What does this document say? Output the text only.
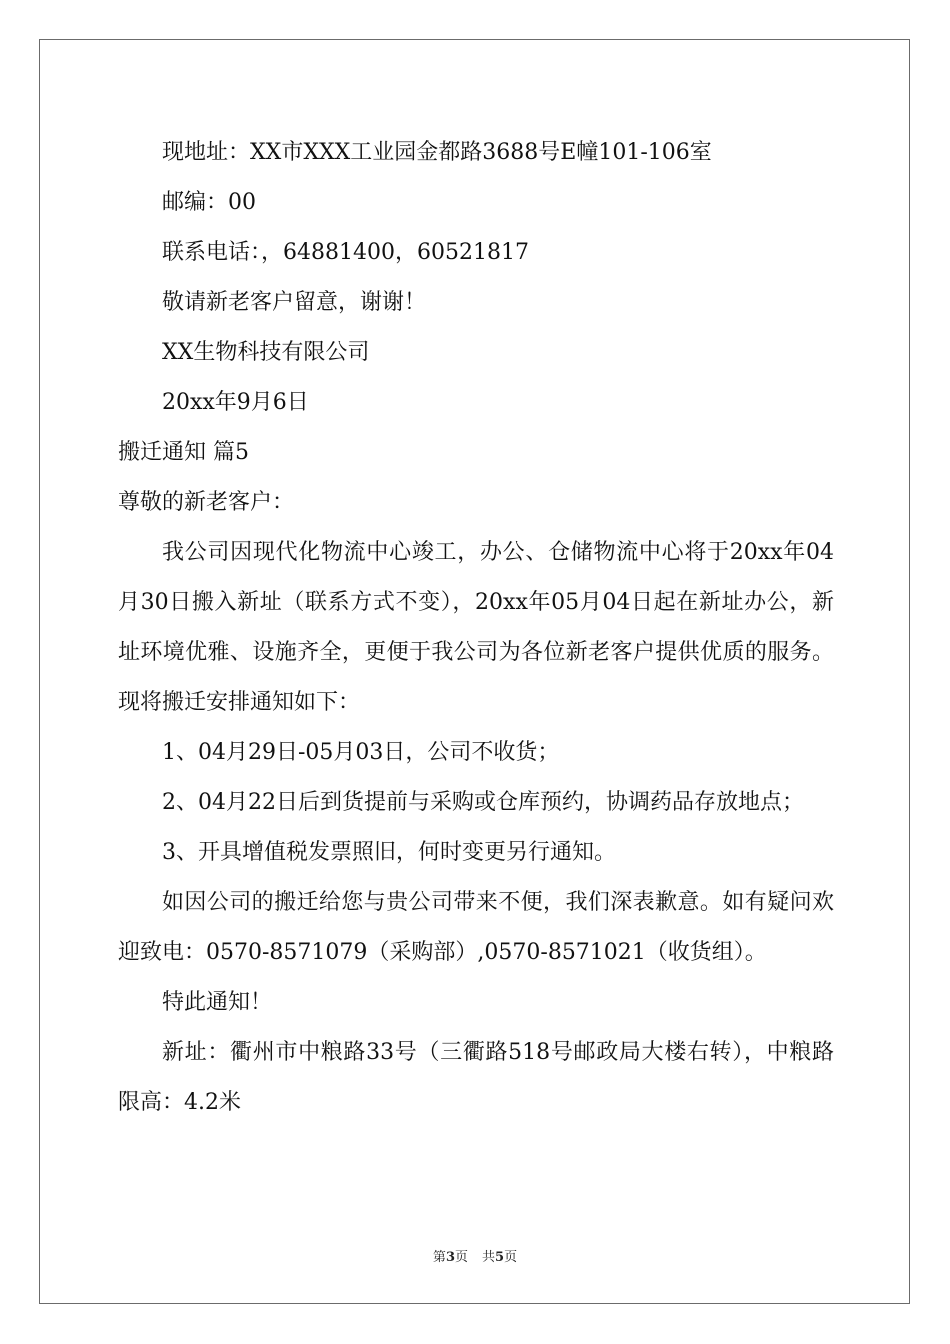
现地址：XX市XXX工业园金都路3688号E幢101-106室
邮编：00
联系电话：，64881400，60521817
敬请新老客户留意，谢谢！
XX生物科技有限公司
20xx年9月6日
搬迁通知 篇5
尊敬的新老客户：
我公司因现代化物流中心竣工，办公、仓储物流中心将于20xx年04月30日搬入新址（联系方式不变），20xx年05月04日起在新址办公，新址环境优雅、设施齐全，更便于我公司为各位新老客户提供优质的服务。 现将搬迁安排通知如下：
1、04月29日-05月03日，公司不收货；
2、04月22日后到货提前与采购或仓库预约，协调药品存放地点；
3、开具增值税发票照旧，何时变更另行通知。
如因公司的搬迁给您与贵公司带来不便，我们深表歉意。如有疑问欢迎致电：0570-8571079（采购部）,0570-8571021（收货组）。
特此通知！
新址：衢州市中粮路33号（三衢路518号邮政局大楼右转），中粮路限高：4.2米
第3页 共5页
